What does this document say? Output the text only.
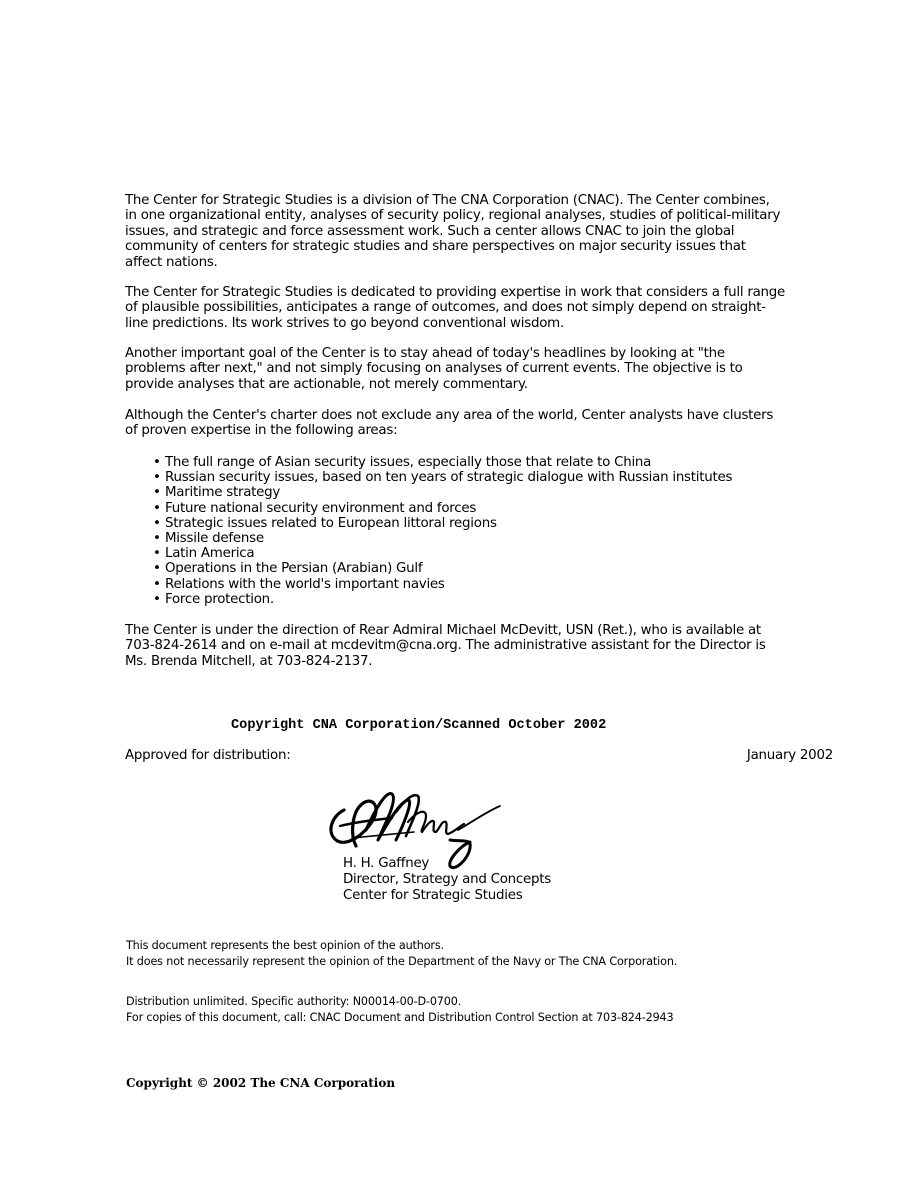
The Center for Strategic Studies is a division of The CNA Corporation (CNAC). The Center combines, in one organizational entity, analyses of security policy, regional analyses, studies of political-military issues, and strategic and force assessment work. Such a center allows CNAC to join the global community of centers for strategic studies and share perspectives on major security issues that affect nations.

The Center for Strategic Studies is dedicated to providing expertise in work that considers a full range of plausible possibilities, anticipates a range of outcomes, and does not simply depend on straight-line predictions. Its work strives to go beyond conventional wisdom.

Another important goal of the Center is to stay ahead of today's headlines by looking at "the problems after next," and not simply focusing on analyses of current events. The objective is to provide analyses that are actionable, not merely commentary.

Although the Center's charter does not exclude any area of the world, Center analysts have clusters of proven expertise in the following areas:

• The full range of Asian security issues, especially those that relate to China
• Russian security issues, based on ten years of strategic dialogue with Russian institutes
• Maritime strategy
• Future national security environment and forces
• Strategic issues related to European littoral regions
• Missile defense
• Latin America
• Operations in the Persian (Arabian) Gulf
• Relations with the world's important navies
• Force protection.

The Center is under the direction of Rear Admiral Michael McDevitt, USN (Ret.), who is available at 703-824-2614 and on e-mail at mcdevitm@cna.org. The administrative assistant for the Director is Ms. Brenda Mitchell, at 703-824-2137.

Copyright CNA Corporation/Scanned October 2002
Approved for distribution:	January 2002
H. H. Gaffney
Director, Strategy and Concepts
Center for Strategic Studies
This document represents the best opinion of the authors.
It does not necessarily represent the opinion of the Department of the Navy or The CNA Corporation.
Distribution unlimited. Specific authority: N00014-00-D-0700.
For copies of this document, call: CNAC Document and Distribution Control Section at 703-824-2943
Copyright © 2002 The CNA Corporation
